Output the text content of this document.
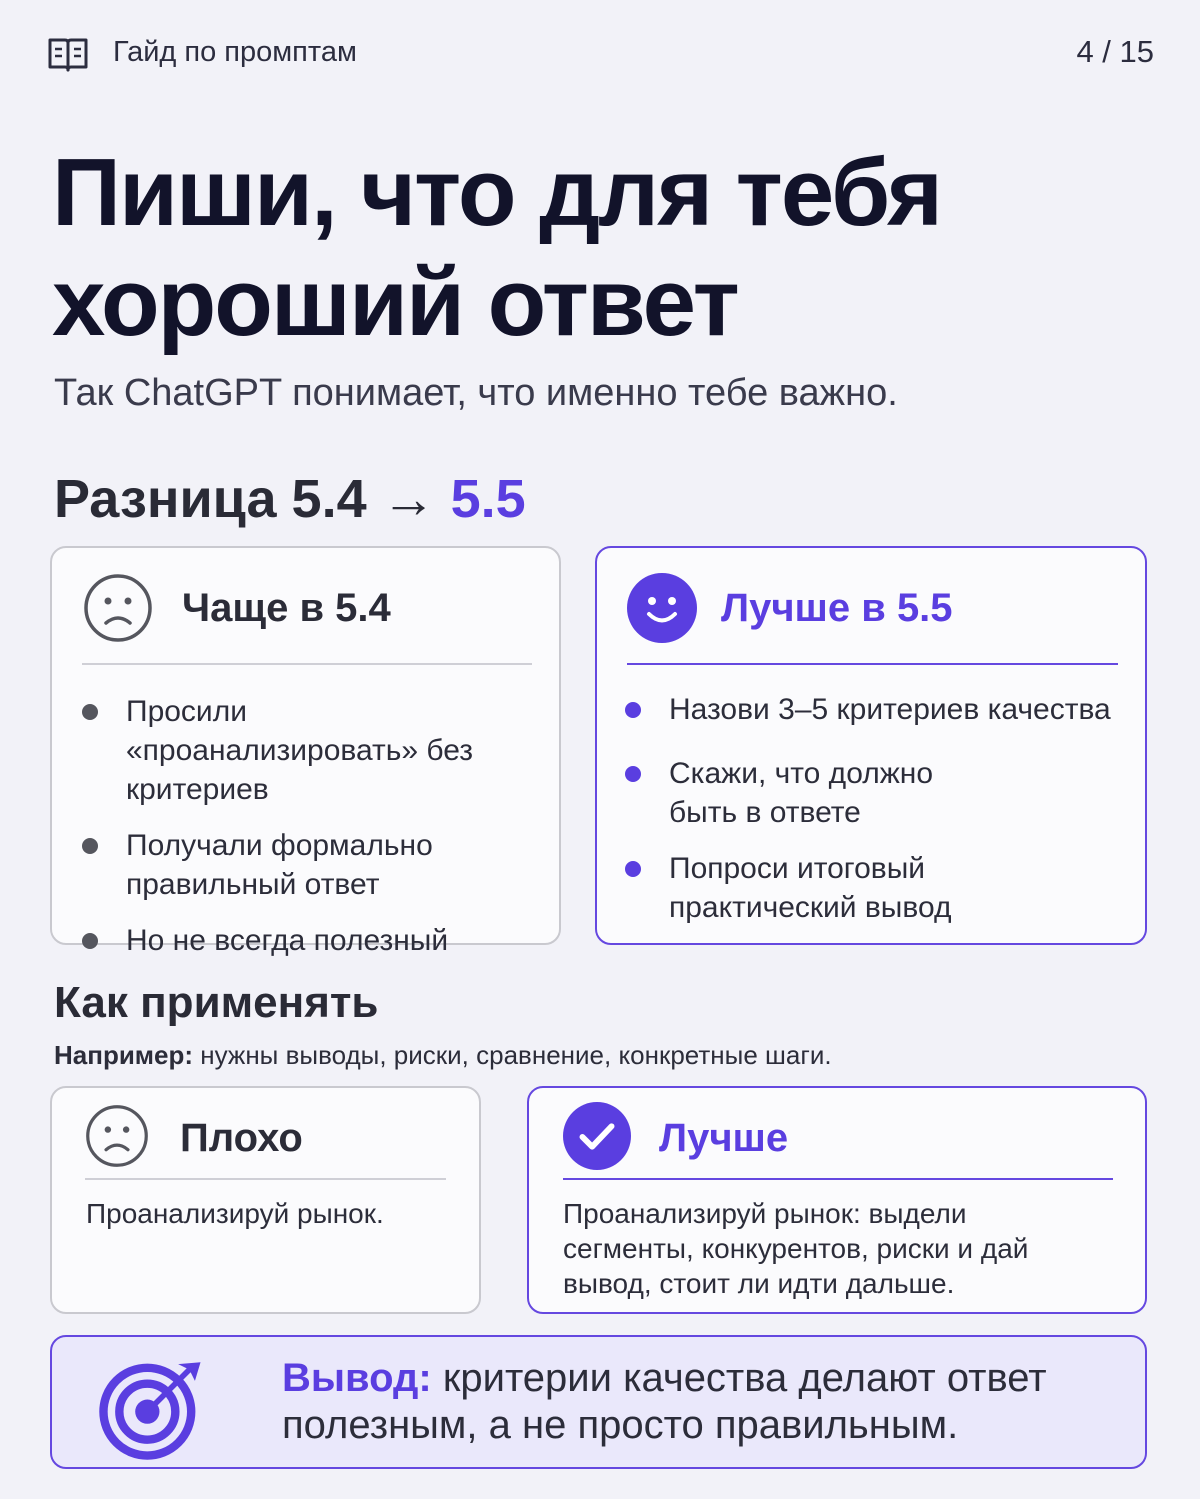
Гайд по промптам	4 / 15
Пиши, что для тебя
хороший ответ
Так ChatGPT понимает, что именно тебе важно.
Разница 5.4 → 5.5
Чаще в 5.4
Просили «проанализировать» без критериев
Получали формально правильный ответ
Но не всегда полезный
Лучше в 5.5
Назови 3–5 критериев качества
Скажи, что должно быть в ответе
Попроси итоговый практический вывод
Как применять
Например: нужны выводы, риски, сравнение, конкретные шаги.
Плохо
Проанализируй рынок.
Лучше
Проанализируй рынок: выдели сегменты, конкурентов, риски и дай вывод, стоит ли идти дальше.
Вывод: критерии качества делают ответ полезным, а не просто правильным.
